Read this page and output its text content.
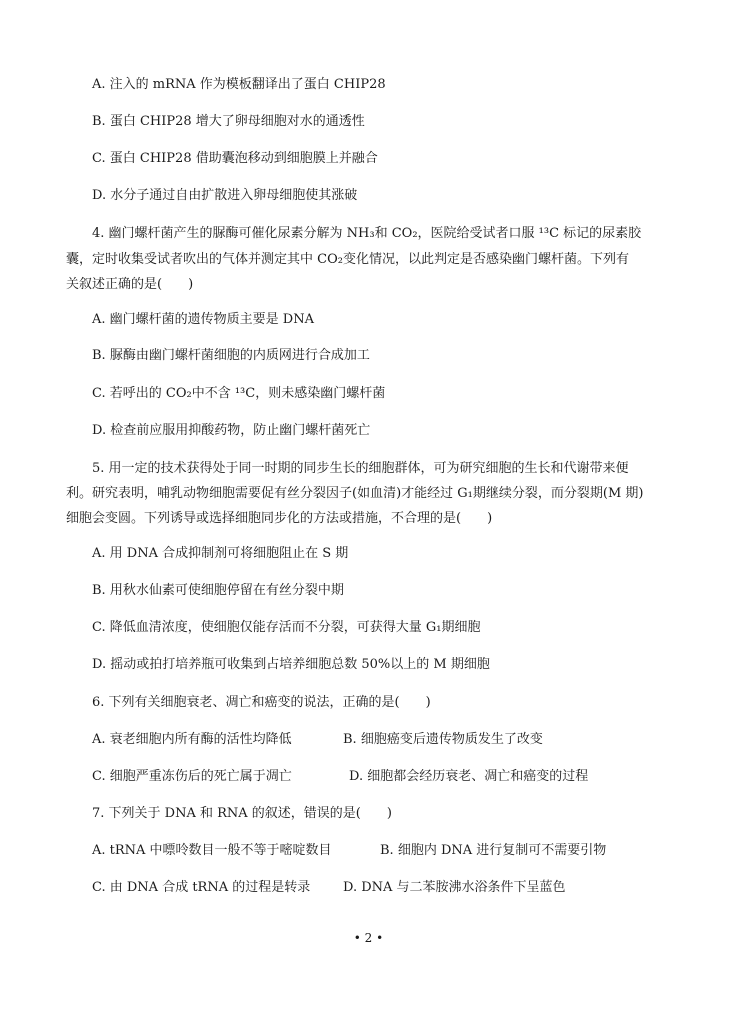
A. 注入的 mRNA 作为模板翻译出了蛋白 CHIP28
B. 蛋白 CHIP28 增大了卵母细胞对水的通透性
C. 蛋白 CHIP28 借助囊泡移动到细胞膜上并融合
D. 水分子通过自由扩散进入卵母细胞使其涨破
4. 幽门螺杆菌产生的脲酶可催化尿素分解为 NH₃和 CO₂，医院给受试者口服 ¹³C 标记的尿素胶
囊，定时收集受试者吹出的气体并测定其中 CO₂变化情况，以此判定是否感染幽门螺杆菌。下列有
关叙述正确的是(　　)
A. 幽门螺杆菌的遗传物质主要是 DNA
B. 脲酶由幽门螺杆菌细胞的内质网进行合成加工
C. 若呼出的 CO₂中不含 ¹³C，则未感染幽门螺杆菌
D. 检查前应服用抑酸药物，防止幽门螺杆菌死亡
5. 用一定的技术获得处于同一时期的同步生长的细胞群体，可为研究细胞的生长和代谢带来便
利。研究表明，哺乳动物细胞需要促有丝分裂因子(如血清)才能经过 G₁期继续分裂，而分裂期(M 期)
细胞会变圆。下列诱导或选择细胞同步化的方法或措施，不合理的是(　　)
A. 用 DNA 合成抑制剂可将细胞阻止在 S 期
B. 用秋水仙素可使细胞停留在有丝分裂中期
C. 降低血清浓度，使细胞仅能存活而不分裂，可获得大量 G₁期细胞
D. 摇动或拍打培养瓶可收集到占培养细胞总数 50%以上的 M 期细胞
6. 下列有关细胞衰老、凋亡和癌变的说法，正确的是(　　)
A. 衰老细胞内所有酶的活性均降低	B. 细胞癌变后遗传物质发生了改变
C. 细胞严重冻伤后的死亡属于凋亡	D. 细胞都会经历衰老、凋亡和癌变的过程
7. 下列关于 DNA 和 RNA 的叙述，错误的是(　　)
A. tRNA 中嘌呤数目一般不等于嘧啶数目	B. 细胞内 DNA 进行复制可不需要引物
C. 由 DNA 合成 tRNA 的过程是转录	D. DNA 与二苯胺沸水浴条件下呈蓝色
• 2 •
